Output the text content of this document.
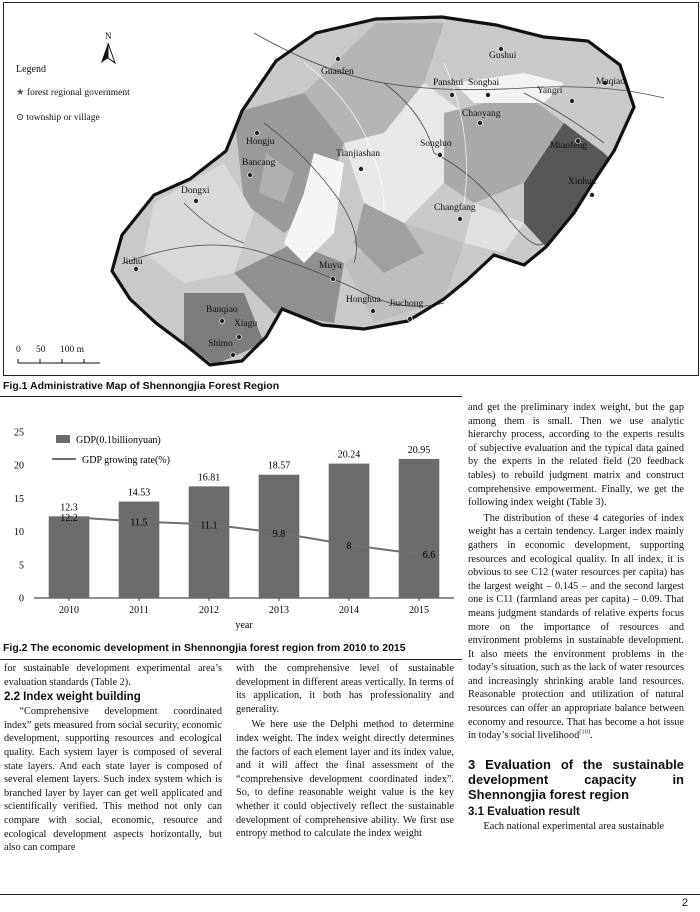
N
Legend
★ forest regional government
⊙ township or village
0 50 100 m
Guanfen
Gushui
Panshui Songbai	Maqiao
Yangri
Chaoyang
Hongju
Tianjiashan
Songluo	Miaofeng
Bancang
Xinhua
Dongxi
Changfang
Jiuhu	Muyu
Honghua Jiuchong
Banqiao
Xiagu
Shimo
Fig.1 Administrative Map of Shennongjia Forest Region
0
5
10
15
20
25
12.3
14.53
16.81
18.57
20.24	20.95
2010	2011	2012	2013	2014	2015
year
12.2	11.5	11.1
9.8
8
6.6
GDP(0.1billionyuan)
GDP growing rate(%)
Fig.2 The economic development in Shennongjia forest region from 2010 to 2015

for sustainable development experimental area’s evaluation standards (Table 2).

2.2 Index weight building

“Comprehensive development coordinated index” gets measured from social security, economic development, supporting resources and ecological quality. Each system layer is composed of several state layers. And each state layer is composed of several element layers. Such index system which is branched layer by layer can get well applicated and scientifically verified. This method not only can compare with social, economic, resource and ecological development aspects horizontally, but also can compare

with the comprehensive level of sustainable development in different areas vertically. In terms of its application, it both has professionality and generality.

We here use the Delphi method to determine index weight. The index weight directly determines the factors of each element layer and its index value, and it will affect the final assessment of the “comprehensive development coordinated index”. So, to define reasonable weight value is the key whether it could objectively reflect the sustainable development of comprehensive ability. We first use entropy method to calculate the index weight

and get the preliminary index weight, but the gap among them is small. Then we use analytic hierarchy process, according to the experts results of subjective evaluation and the typical data gained by the experts in the related field (20 feedback tables) to rebuild judgment matrix and construct comprehensive empowerment. Finally, we get the following index weight (Table 3).

The distribution of these 4 categories of index weight has a certain tendency. Larger index mainly gathers in economic development, supporting resources and ecological quality. In all index, it is obvious to see C12 (water resources per capita) has the largest weight – 0.145 – and the second largest one is C11 (farmland areas per capita) – 0.09. That means judgment standards of relative experts focus more on the importance of resources and environment problems in sustainable development. It also meets the environment problems in the today’s situation, such as the lack of water resources and increasingly shrinking arable land resources. Reasonable protection and utilization of natural resources can offer an appropriate balance between economy and resource. That has become a hot issue in today’s social livelihood[10].

3 Evaluation of the sustainable development capacity in Shennongjia forest region
3.1 Evaluation result

Each national experimental area sustainable

2
